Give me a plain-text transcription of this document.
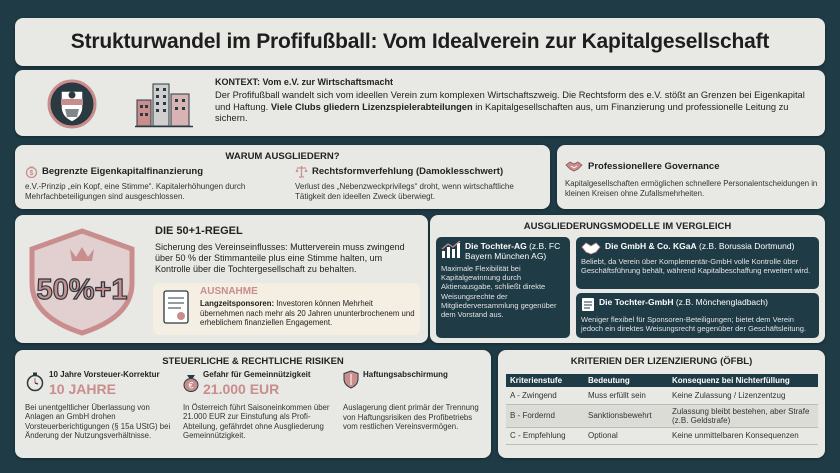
Strukturwandel im Profifußball: Vom Idealverein zur Kapitalgesellschaft
KONTEXT: Vom e.V. zur Wirtschaftsmacht
Der Profifußball wandelt sich vom ideellen Verein zum komplexen Wirtschaftszweig. Die Rechtsform des e.V. stößt an Grenzen bei Eigenkapital und Haftung. Viele Clubs gliedern Lizenzspielerabteilungen in Kapitalgesellschaften aus, um Finanzierung und professionelle Leitung zu sichern.
WARUM AUSGLIEDERN?
$ Begrenzte Eigenkapitalfinanzierung
e.V.-Prinzip „ein Kopf, eine Stimme“. Kapitalerhöhungen durch Mehrfachbeteiligungen sind ausgeschlossen.
Rechtsformverfehlung (Damoklesschwert)
Verlust des „Nebenzweckprivilegs“ droht, wenn wirtschaftliche Tätigkeit den ideellen Zweck überwiegt.
Professionellere Governance
Kapitalgesellschaften ermöglichen schnellere Personalentscheidungen in kleinen Kreisen ohne Zufallsmehrheiten.
50%+1
DIE 50+1-REGEL
Sicherung des Vereinseinflusses: Mutterverein muss zwingend über 50 % der Stimmanteile plus eine Stimme halten, um Kontrolle über die Tochtergesellschaft zu behalten.
AUSNAHME
Langzeitsponsoren: Investoren können Mehrheit übernehmen nach mehr als 20 Jahren ununterbrochenem und erheblichem finanziellen Engagement.
AUSGLIEDERUNGSMODELLE IM VERGLEICH
Die Tochter-AG (z.B. FC Bayern München AG)
Maximale Flexibilität bei Kapitalgewinnung durch Aktienausgabe, schließt direkte Weisungsrechte der Mitgliederversammlung gegenüber dem Vorstand aus.
Die GmbH & Co. KGaA (z.B. Borussia Dortmund)
Beliebt, da Verein über Komplementär-GmbH volle Kontrolle über Geschäftsführung behält, während Kapitalbeschaffung erweitert wird.
Die Tochter-GmbH (z.B. Mönchengladbach)
Weniger flexibel für Sponsoren-Beteiligungen; bietet dem Verein jedoch ein direktes Weisungsrecht gegenüber der Geschäftsleitung.
STEUERLICHE & RECHTLICHE RISIKEN
10 Jahre Vorsteuer-Korrektur
10 JAHRE
Bei unentgeltlicher Überlassung von Anlagen an GmbH drohen Vorsteuerberichtigungen (§ 15a UStG) bei Änderung der Nutzungsverhältnisse.
€
Gefahr für Gemeinnützigkeit
21.000 EUR
In Österreich führt Saisoneinkommen über 21.000 EUR zur Einstufung als Profi-Abteilung, gefährdet ohne Ausgliederung Gemeinnützigkeit.
Haftungsabschirmung
Auslagerung dient primär der Trennung von Haftungsrisiken des Profibetriebs vom restlichen Vereinsvermögen.
KRITERIEN DER LIZENZIERUNG (ÖFBL)
Kriterienstufe	Bedeutung	Konsequenz bei Nichterfüllung
A - Zwingend	Muss erfüllt sein	Keine Zulassung / Lizenzentzug
B - Fordernd	Sanktionsbewehrt	Zulassung bleibt bestehen, aber Strafe (z.B. Geldstrafe)
C - Empfehlung	Optional	Keine unmittelbaren Konsequenzen
